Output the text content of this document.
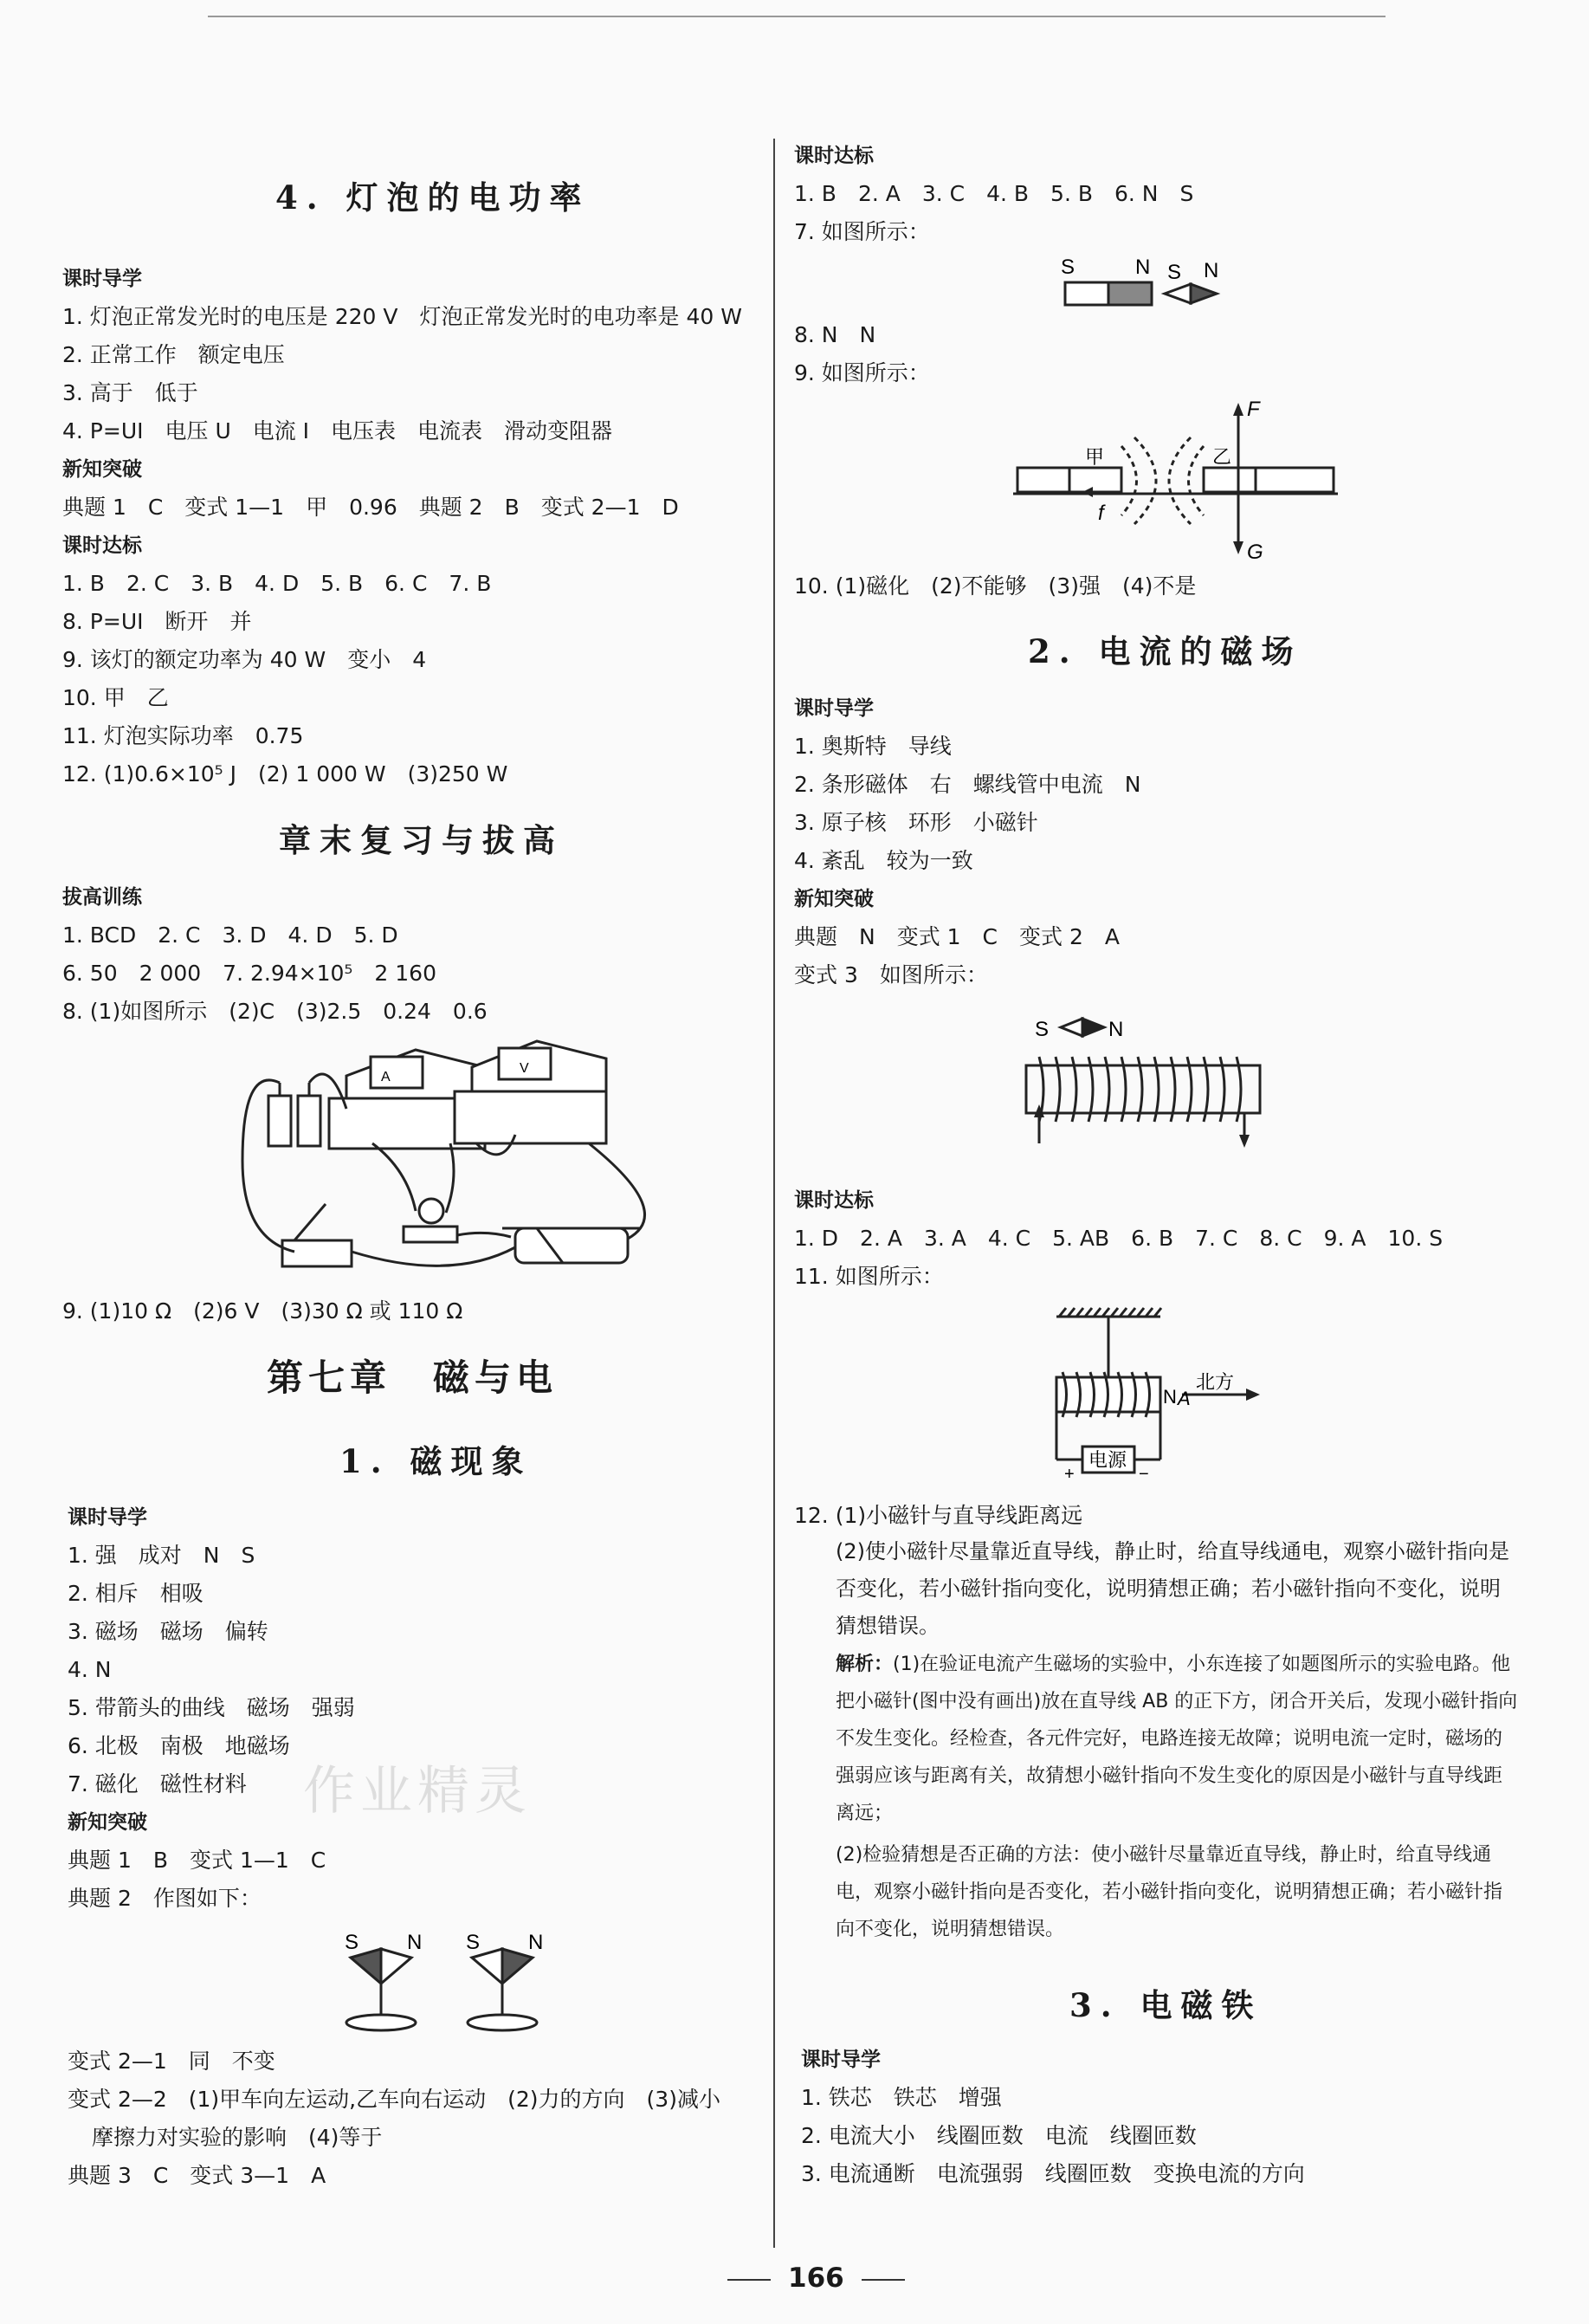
4. 灯泡的电功率
课时导学
1. 灯泡正常发光时的电压是 220 V　灯泡正常发光时的电功率是 40 W
2. 正常工作　额定电压
3. 高于　低于
4. P=UI　电压 U　电流 I　电压表　电流表　滑动变阻器
新知突破
典题 1　C　变式 1—1　甲　0.96　典题 2　B　变式 2—1　D
课时达标
1. B　2. C　3. B　4. D　5. B　6. C　7. B
8. P=UI　断开　并
9. 该灯的额定功率为 40 W　变小　4
10. 甲　乙
11. 灯泡实际功率　0.75
12. (1)0.6×10⁵ J　(2) 1 000 W　(3)250 W
章末复习与拔高
拔高训练
1. BCD　2. C　3. D　4. D　5. D
6. 50　2 000　7. 2.94×10⁵　2 160
8. (1)如图所示　(2)C　(3)2.5　0.24　0.6
A
V
9. (1)10 Ω　(2)6 V　(3)30 Ω 或 110 Ω
第七章　磁与电
1. 磁现象
课时导学
1. 强　成对　N　S
2. 相斥　相吸
3. 磁场　磁场　偏转
4. N
5. 带箭头的曲线　磁场　强弱
6. 北极　南极　地磁场
7. 磁化　磁性材料
新知突破
典题 1　B　变式 1—1　C
典题 2　作图如下：
S N S N
作业精灵
变式 2—1　同　不变
变式 2—2　(1)甲车向左运动,乙车向右运动　(2)力的方向　(3)减小
摩擦力对实验的影响　(4)等于
典题 3　C　变式 3—1　A
课时达标
1. B　2. A　3. C　4. B　5. B　6. N　S
7. 如图所示：
S	N S N
8. N　N
9. 如图所示：
甲	乙
F
G
f
10. (1)磁化　(2)不能够　(3)强　(4)不是
2. 电流的磁场
课时导学
1. 奥斯特　导线
2. 条形磁体　右　螺线管中电流　N
3. 原子核　环形　小磁针
4. 紊乱　较为一致
新知突破
典题　N　变式 1　C　变式 2　A
变式 3　如图所示：
S	N
课时达标
1. D　2. A　3. A　4. C　5. AB　6. B　7. C　8. C　9. A　10. S
11. 如图所示：
N A
北方
电源
+	−
12. (1)小磁针与直导线距离远
(2)使小磁针尽量靠近直导线，静止时，给直导线通电，观察小磁针指向是否变化，若小磁针指向变化，说明猜想正确；若小磁针指向不变化，说明猜想错误。
解析：(1)在验证电流产生磁场的实验中，小东连接了如题图所示的实验电路。他把小磁针(图中没有画出)放在直导线 AB 的正下方，闭合开关后，发现小磁针指向不发生变化。经检查，各元件完好，电路连接无故障；说明电流一定时，磁场的强弱应该与距离有关，故猜想小磁针指向不发生变化的原因是小磁针与直导线距离远；
(2)检验猜想是否正确的方法：使小磁针尽量靠近直导线，静止时，给直导线通电，观察小磁针指向是否变化，若小磁针指向变化，说明猜想正确；若小磁针指向不变化，说明猜想错误。
3. 电磁铁
课时导学
1. 铁芯　铁芯　增强
2. 电流大小　线圈匝数　电流　线圈匝数
3. 电流通断　电流强弱　线圈匝数　变换电流的方向
166
